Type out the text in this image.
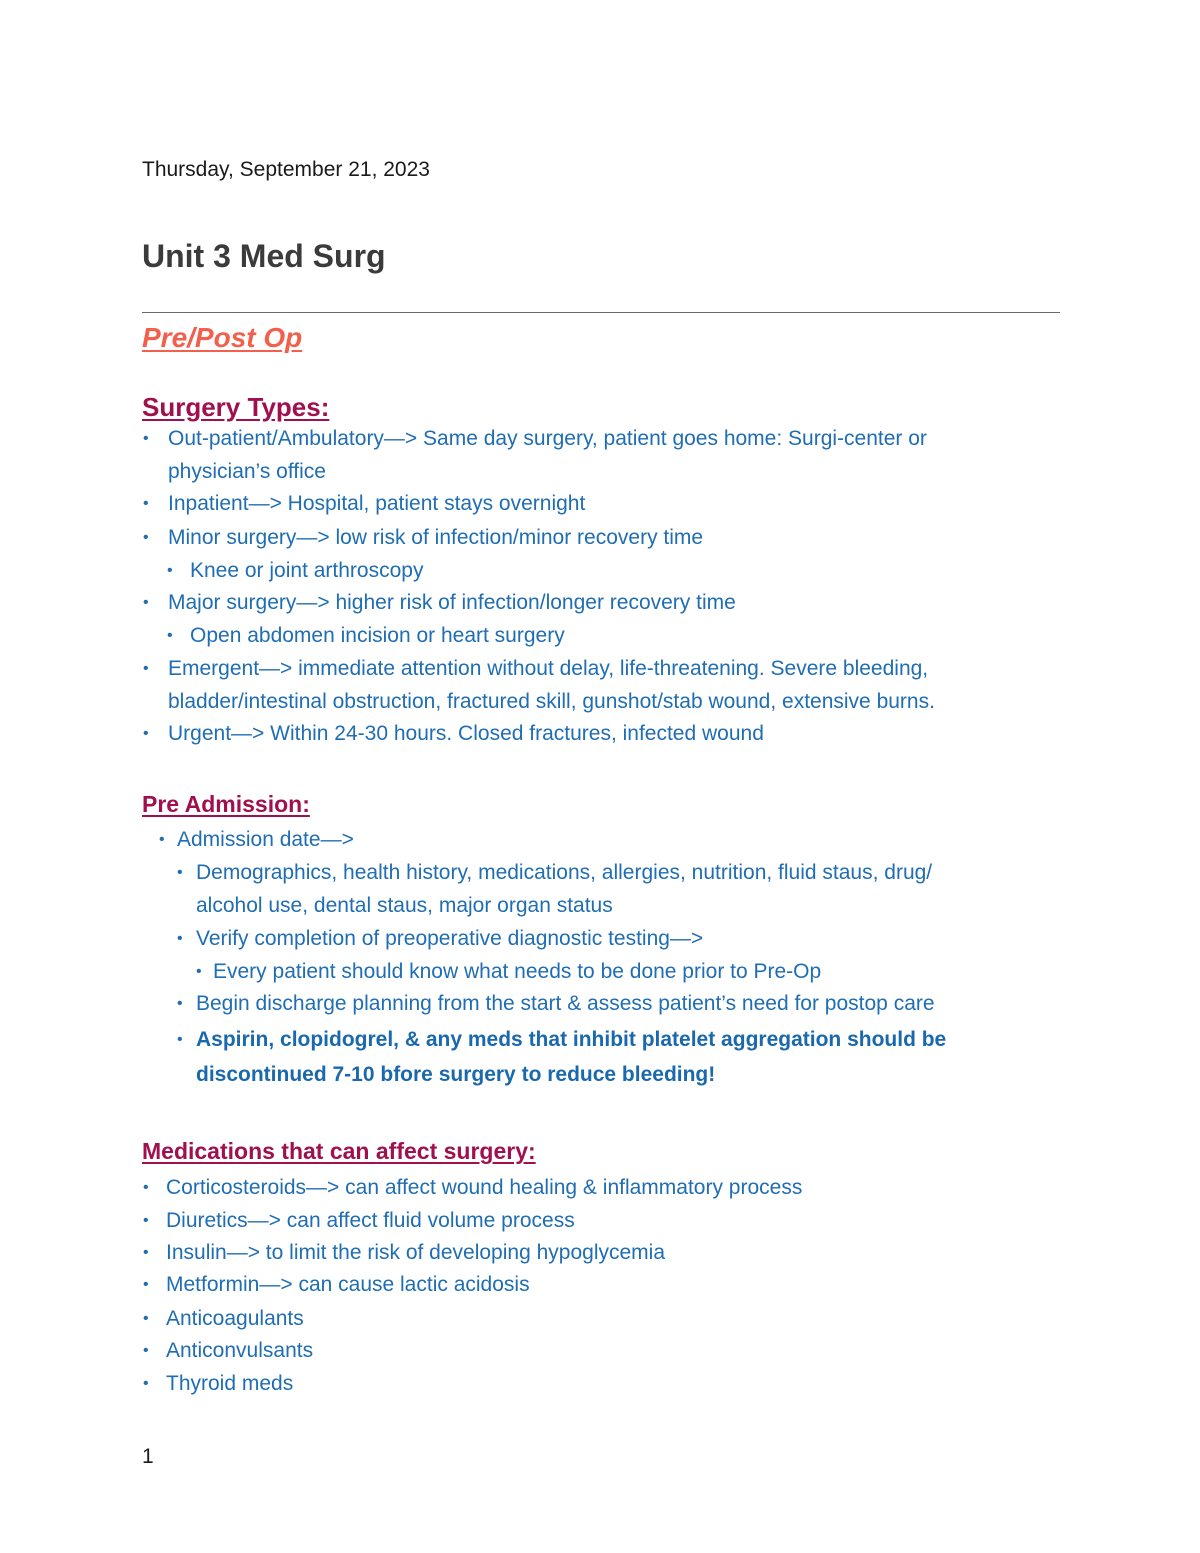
Thursday, September 21, 2023
Unit 3 Med Surg
Pre/Post Op
Surgery Types:
• Out-patient/Ambulatory—> Same day surgery, patient goes home: Surgi-center or
physician’s office
• Inpatient—> Hospital, patient stays overnight
• Minor surgery—> low risk of infection/minor recovery time
• Knee or joint arthroscopy
• Major surgery—> higher risk of infection/longer recovery time
• Open abdomen incision or heart surgery
• Emergent—> immediate attention without delay, life-threatening. Severe bleeding,
bladder/intestinal obstruction, fractured skill, gunshot/stab wound, extensive burns.
• Urgent—> Within 24-30 hours. Closed fractures, infected wound
Pre Admission:
• Admission date—>
• Demographics, health history, medications, allergies, nutrition, fluid staus, drug/
alcohol use, dental staus, major organ status
• Verify completion of preoperative diagnostic testing—>
• Every patient should know what needs to be done prior to Pre-Op
• Begin discharge planning from the start & assess patient’s need for postop care
• Aspirin, clopidogrel, & any meds that inhibit platelet aggregation should be
discontinued 7-10 bfore surgery to reduce bleeding!
Medications that can affect surgery:
• Corticosteroids—> can affect wound healing & inflammatory process
• Diuretics—> can affect fluid volume process
• Insulin—> to limit the risk of developing hypoglycemia
• Metformin—> can cause lactic acidosis
• Anticoagulants
• Anticonvulsants
• Thyroid meds
1
